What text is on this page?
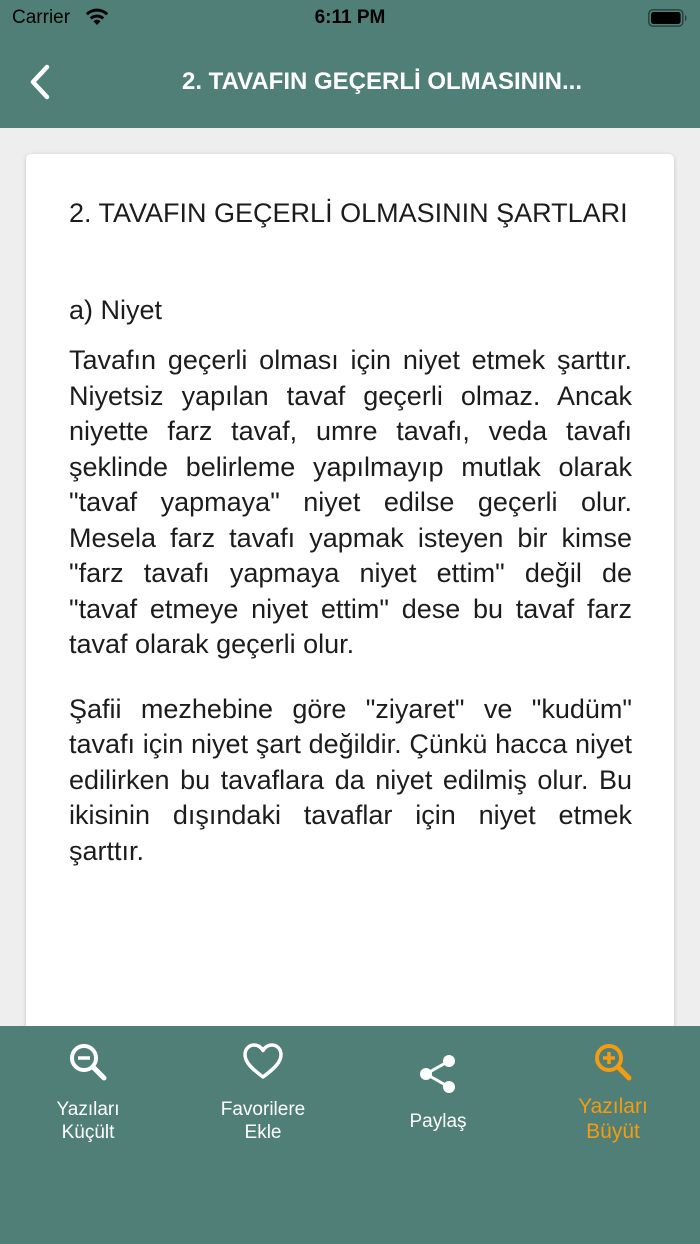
Carrier	6:11 PM
2. TAVAFIN GEÇERLİ OLMASININ...

2. TAVAFIN GEÇERLİ OLMASININ ŞARTLARI

a) Niyet

Tavafın geçerli olması için niyet etmek şarttır. Niyetsiz yapılan tavaf geçerli olmaz. Ancak niyette farz tavaf, umre tavafı, veda tavafı şeklinde belirleme yapılmayıp mutlak olarak "tavaf yapmaya" niyet edilse geçerli olur. Mesela farz tavafı yapmak isteyen bir kimse "farz tavafı yapmaya niyet ettim" değil de "tavaf etmeye niyet ettim" dese bu tavaf farz tavaf olarak geçerli olur.

Şafii mezhebine göre "ziyaret" ve "kudüm" tavafı için niyet şart değildir. Çünkü hacca niyet edilirken bu tavaflara da niyet edilmiş olur. Bu ikisinin dışındaki tavaflar için niyet etmek şarttır.

Yazıları
Küçült
Favorilere
Ekle
Paylaş
Yazıları
Büyüt
